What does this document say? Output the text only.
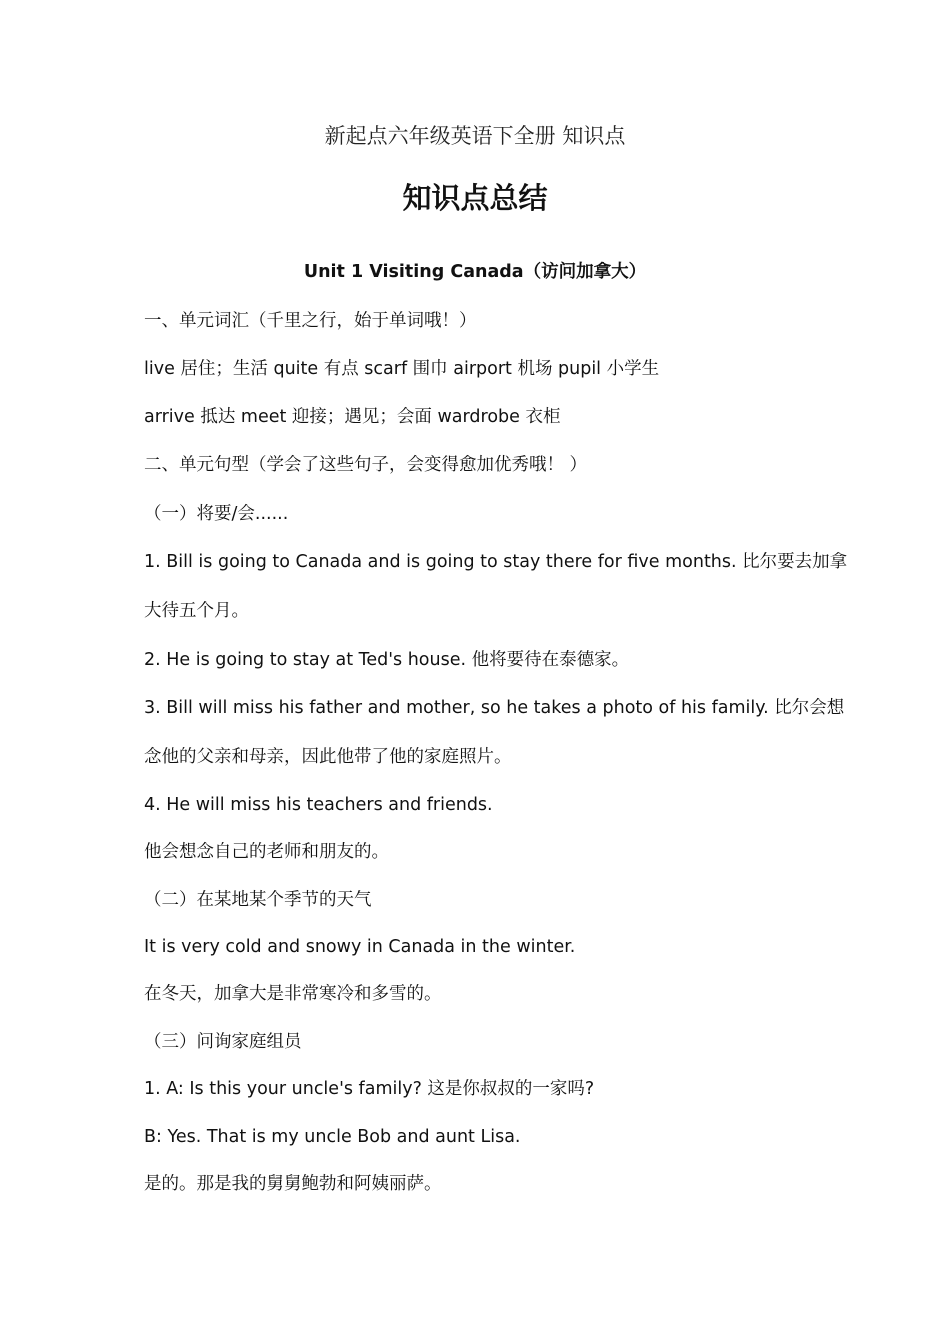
新起点六年级英语下全册 知识点
知识点总结
Unit 1 Visiting Canada（访问加拿大）
一、单元词汇（千里之行，始于单词哦！）
live 居住；生活 quite 有点 scarf 围巾 airport 机场 pupil 小学生
arrive 抵达 meet 迎接；遇见；会面 wardrobe 衣柜
二、单元句型（学会了这些句子，会变得愈加优秀哦！ ）
（一）将要/会......
1. Bill is going to Canada and is going to stay there for five months. 比尔要去加拿
大待五个月。
2. He is going to stay at Ted's house. 他将要待在泰德家。
3. Bill will miss his father and mother, so he takes a photo of his family. 比尔会想
念他的父亲和母亲，因此他带了他的家庭照片。
4. He will miss his teachers and friends.
他会想念自己的老师和朋友的。
（二）在某地某个季节的天气
It is very cold and snowy in Canada in the winter.
在冬天，加拿大是非常寒冷和多雪的。
（三）问询家庭组员
1. A: Is this your uncle's family? 这是你叔叔的一家吗?
B: Yes. That is my uncle Bob and aunt Lisa.
是的。那是我的舅舅鲍勃和阿姨丽萨。
